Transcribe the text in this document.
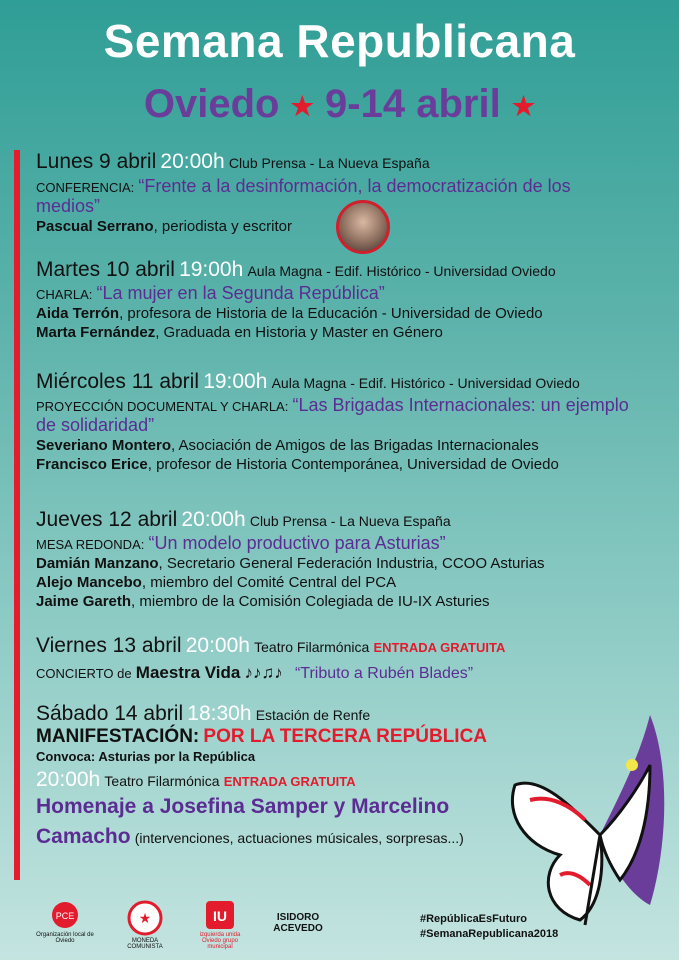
Semana Republicana
Oviedo ★ 9-14 abril ★
Lunes 9 abril 20:00h Club Prensa - La Nueva España
CONFERENCIA: “Frente a la desinformación, la democratización de los medios”
Pascual Serrano, periodista y escritor
Martes 10 abril 19:00h Aula Magna - Edif. Histórico - Universidad Oviedo
CHARLA: “La mujer en la Segunda República”
Aida Terrón, profesora de Historia de la Educación - Universidad de Oviedo
Marta Fernández, Graduada en Historia y Master en Género
Miércoles 11 abril 19:00h Aula Magna - Edif. Histórico - Universidad Oviedo
PROYECCIÓN DOCUMENTAL Y CHARLA: “Las Brigadas Internacionales: un ejemplo de solidaridad”
Severiano Montero, Asociación de Amigos de las Brigadas Internacionales
Francisco Erice, profesor de Historia Contemporánea, Universidad de Oviedo
Jueves 12 abril 20:00h Club Prensa - La Nueva España
MESA REDONDA: “Un modelo productivo para Asturias”
Damián Manzano, Secretario General Federación Industria, CCOO Asturias
Alejo Mancebo, miembro del Comité Central del PCA
Jaime Gareth, miembro de la Comisión Colegiada de IU-IX Asturies
Viernes 13 abril 20:00h Teatro Filarmónica ENTRADA GRATUITA
CONCIERTO de Maestra Vida ♪♪♫♪ “Tributo a Rubén Blades”
Sábado 14 abril 18:30h Estación de Renfe
MANIFESTACIÓN: POR LA TERCERA REPÚBLICA
Convoca: Asturias por la República
20:00h Teatro Filarmónica ENTRADA GRATUITA
Homenaje a Josefina Samper y Marcelino Camacho (intervenciones, actuaciones músicales, sorpresas...)
PCE
Organización local de Oviedo
★
MONEDA COMUNISTA
IU
izquierda unida Oviedo grupo municipal
ISIDORO ACEVEDO
#RepúblicaEsFuturo
#SemanaRepublicana2018
